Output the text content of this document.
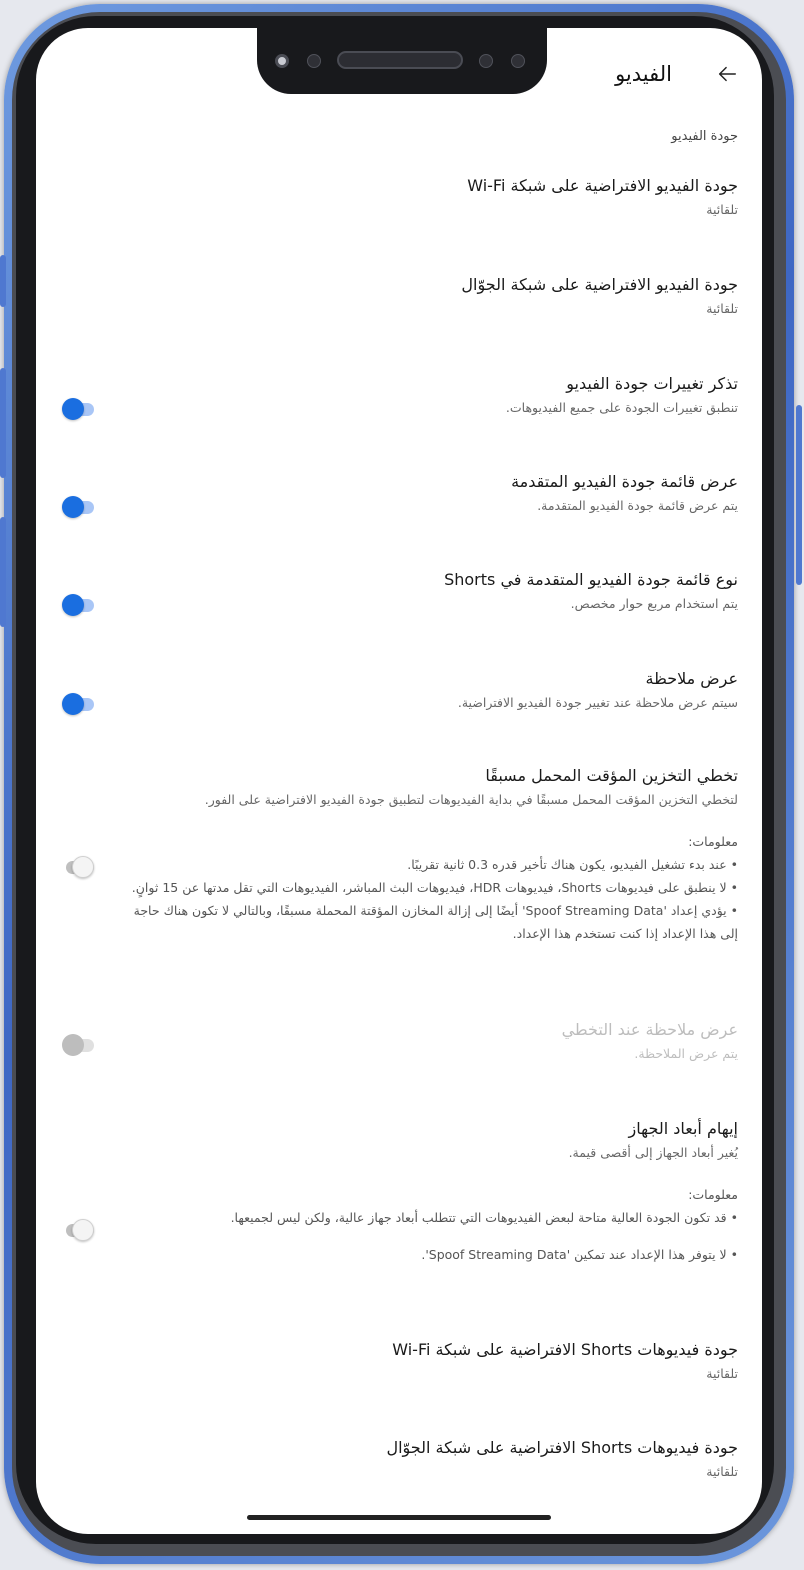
الفيديو
جودة الفيديو
جودة الفيديو الافتراضية على شبكة Wi-Fi
تلقائية
جودة الفيديو الافتراضية على شبكة الجوّال
تلقائية
تذكر تغييرات جودة الفيديو
تنطبق تغييرات الجودة على جميع الفيديوهات.
عرض قائمة جودة الفيديو المتقدمة
يتم عرض قائمة جودة الفيديو المتقدمة.
نوع قائمة جودة الفيديو المتقدمة في Shorts
يتم استخدام مربع حوار مخصص.
عرض ملاحظة
سيتم عرض ملاحظة عند تغيير جودة الفيديو الافتراضية.
تخطي التخزين المؤقت المحمل مسبقًا
لتخطي التخزين المؤقت المحمل مسبقًا في بداية الفيديوهات لتطبيق جودة الفيديو الافتراضية على الفور.
معلومات:
• عند بدء تشغيل الفيديو، يكون هناك تأخير قدره 0.3 ثانية تقريبًا.
• لا ينطبق على فيديوهات Shorts، فيديوهات HDR، فيديوهات البث المباشر، الفيديوهات التي تقل مدتها عن 15 ثوانٍ.
• يؤدي إعداد 'Spoof Streaming Data' أيضًا إلى إزالة المخازن المؤقتة المحملة مسبقًا، وبالتالي لا تكون هناك حاجة
إلى هذا الإعداد إذا كنت تستخدم هذا الإعداد.
عرض ملاحظة عند التخطي
يتم عرض الملاحظة.
إيهام أبعاد الجهاز
يُغير أبعاد الجهاز إلى أقصى قيمة.
معلومات:
• قد تكون الجودة العالية متاحة لبعض الفيديوهات التي تتطلب أبعاد جهاز عالية، ولكن ليس لجميعها.
• لا يتوفر هذا الإعداد عند تمكين 'Spoof Streaming Data'.
جودة فيديوهات Shorts الافتراضية على شبكة Wi-Fi
تلقائية
جودة فيديوهات Shorts الافتراضية على شبكة الجوّال
تلقائية
